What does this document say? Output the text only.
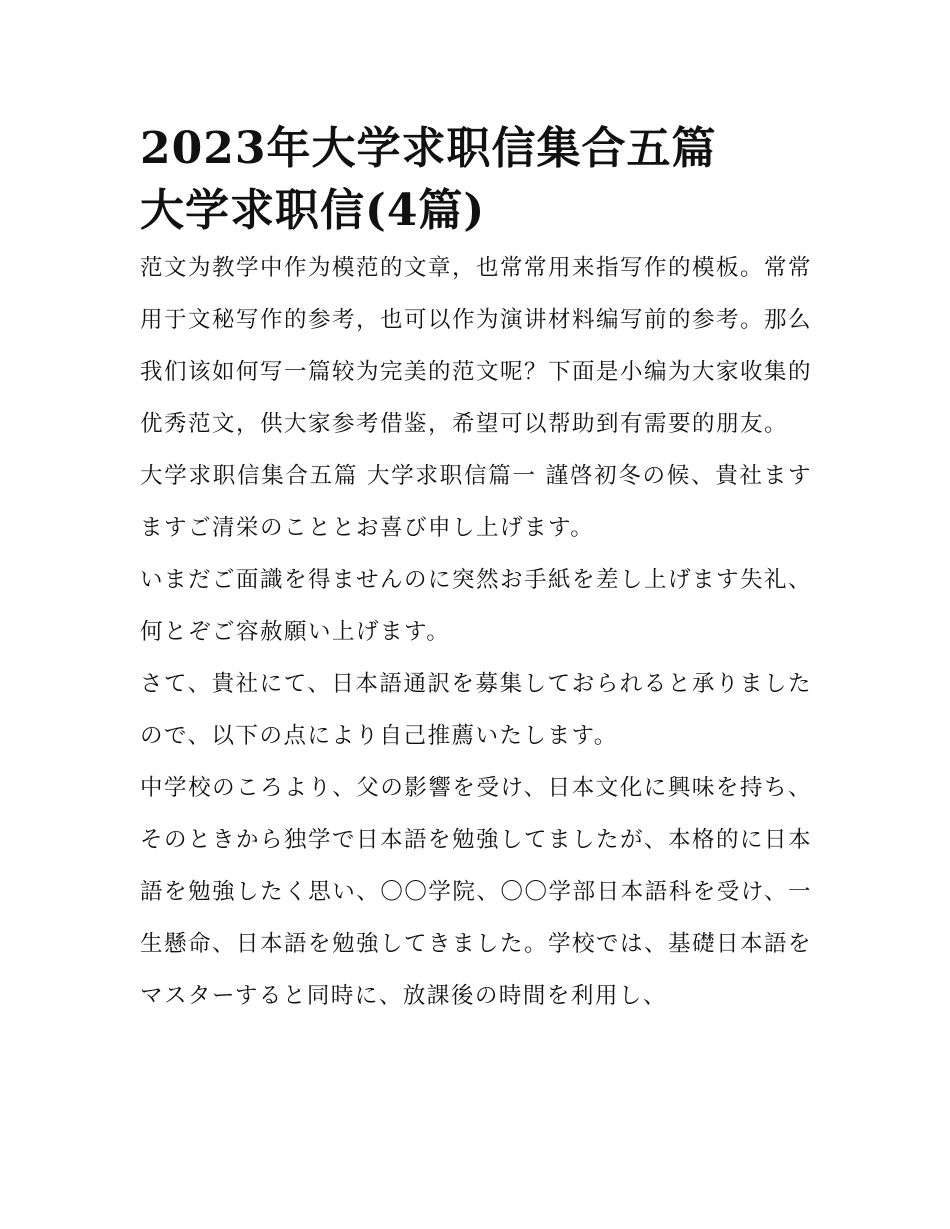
2023年大学求职信集合五篇
大学求职信(4篇)

范文为教学中作为模范的文章，也常常用来指写作的模板。常常用于文秘写作的参考，也可以作为演讲材料编写前的参考。那么我们该如何写一篇较为完美的范文呢？下面是小编为大家收集的优秀范文，供大家参考借鉴，希望可以帮助到有需要的朋友。

大学求职信集合五篇 大学求职信篇一 謹啓初冬の候、貴社ますますご清栄のこととお喜び申し上げます。

いまだご面識を得ませんのに突然お手紙を差し上げます失礼、何とぞご容赦願い上げます。

さて、貴社にて、日本語通訳を募集しておられると承りましたので、以下の点により自己推薦いたします。

中学校のころより、父の影響を受け、日本文化に興味を持ち、そのときから独学で日本語を勉強してましたが、本格的に日本語を勉強したく思い、〇〇学院、〇〇学部日本語科を受け、一生懸命、日本語を勉強してきました。学校では、基礎日本語をマスターすると同時に、放課後の時間を利用し、
